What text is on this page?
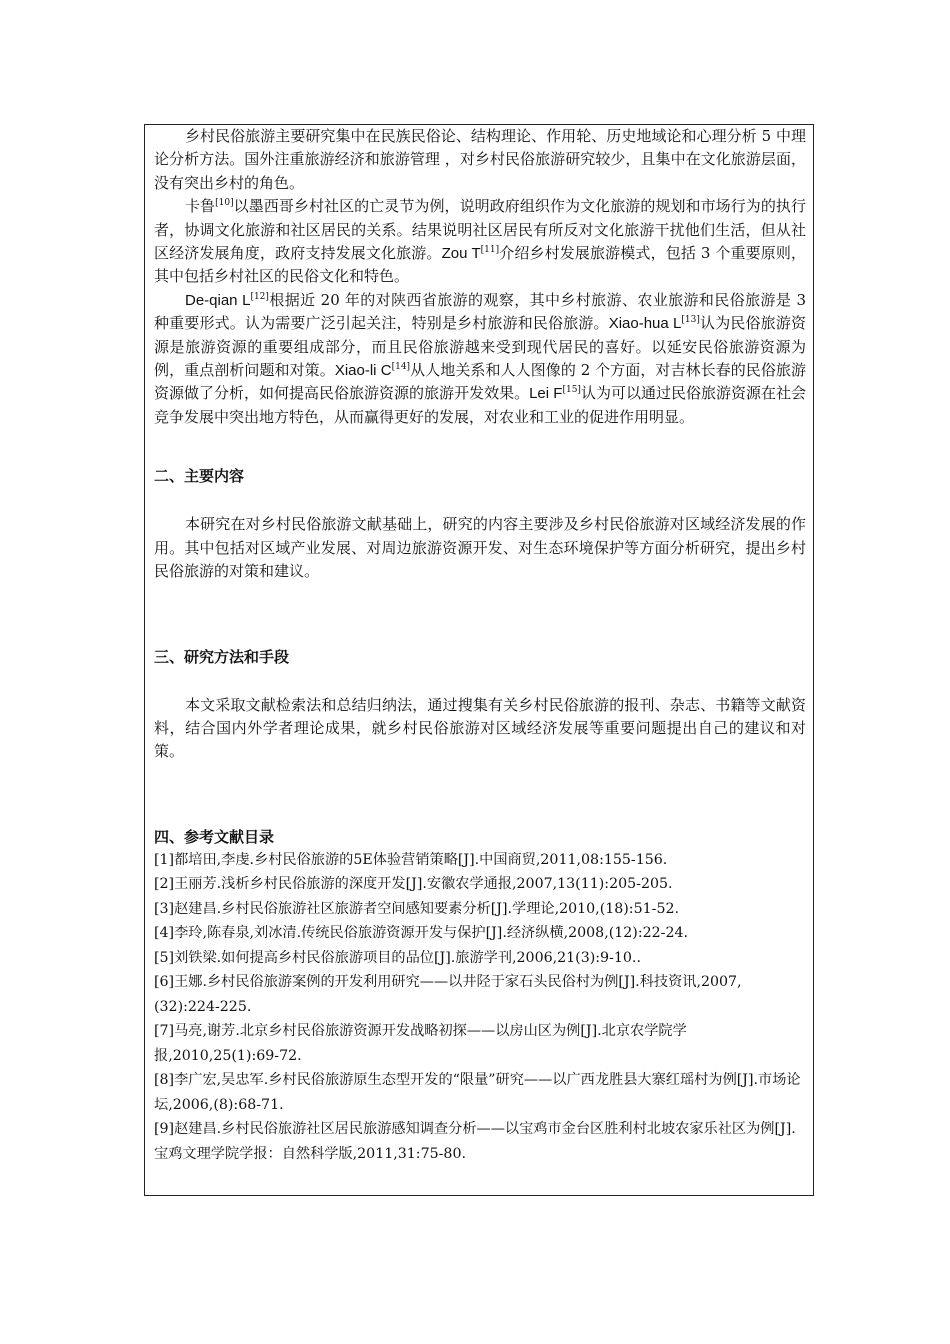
乡村民俗旅游主要研究集中在民族民俗论、结构理论、作用轮、历史地域论和心理分析 5 中理论分析方法。国外注重旅游经济和旅游管理 ，对乡村民俗旅游研究较少，且集中在文化旅游层面，没有突出乡村的角色。

卡鲁[10]以墨西哥乡村社区的亡灵节为例，说明政府组织作为文化旅游的规划和市场行为的执行者，协调文化旅游和社区居民的关系。结果说明社区居民有所反对文化旅游干扰他们生活，但从社区经济发展角度，政府支持发展文化旅游。Zou T[11]介绍乡村发展旅游模式，包括 3 个重要原则，其中包括乡村社区的民俗文化和特色。

De-qian L[12]根据近 20 年的对陕西省旅游的观察，其中乡村旅游、农业旅游和民俗旅游是 3 种重要形式。认为需要广泛引起关注，特别是乡村旅游和民俗旅游。Xiao-hua L[13]认为民俗旅游资源是旅游资源的重要组成部分，而且民俗旅游越来受到现代居民的喜好。以延安民俗旅游资源为例，重点剖析问题和对策。Xiao-li C[14]从人地关系和人人图像的 2 个方面，对吉林长春的民俗旅游资源做了分析，如何提高民俗旅游资源的旅游开发效果。Lei F[15]认为可以通过民俗旅游资源在社会竞争发展中突出地方特色，从而赢得更好的发展，对农业和工业的促进作用明显。

二、主要内容

本研究在对乡村民俗旅游文献基础上，研究的内容主要涉及乡村民俗旅游对区域经济发展的作用。其中包括对区域产业发展、对周边旅游资源开发、对生态环境保护等方面分析研究，提出乡村民俗旅游的对策和建议。

三、研究方法和手段

本文采取文献检索法和总结归纳法，通过搜集有关乡村民俗旅游的报刊、杂志、书籍等文献资料，结合国内外学者理论成果，就乡村民俗旅游对区域经济发展等重要问题提出自己的建议和对策。

四、参考文献目录

[1]都培田,李虔.乡村民俗旅游的5E体验营销策略[J].中国商贸,2011,08:155-156.

[2]王丽芳.浅析乡村民俗旅游的深度开发[J].安徽农学通报,2007,13(11):205-205.

[3]赵建昌.乡村民俗旅游社区旅游者空间感知要素分析[J].学理论,2010,(18):51-52.

[4]李玲,陈春泉,刘冰清.传统民俗旅游资源开发与保护[J].经济纵横,2008,(12):22-24.

[5]刘铁梁.如何提高乡村民俗旅游项目的品位[J].旅游学刊,2006,21(3):9-10..

[6]王娜.乡村民俗旅游案例的开发利用研究——以井陉于家石头民俗村为例[J].科技资讯,2007,(32):224-225.

[7]马亮,谢芳.北京乡村民俗旅游资源开发战略初探——以房山区为例[J].北京农学院学报,2010,25(1):69-72.

[8]李广宏,吴忠军.乡村民俗旅游原生态型开发的“限量”研究——以广西龙胜县大寨红瑶村为例[J].市场论坛,2006,(8):68-71.

[9]赵建昌.乡村民俗旅游社区居民旅游感知调查分析——以宝鸡市金台区胜利村北坡农家乐社区为例[J].宝鸡文理学院学报：自然科学版,2011,31:75-80.
